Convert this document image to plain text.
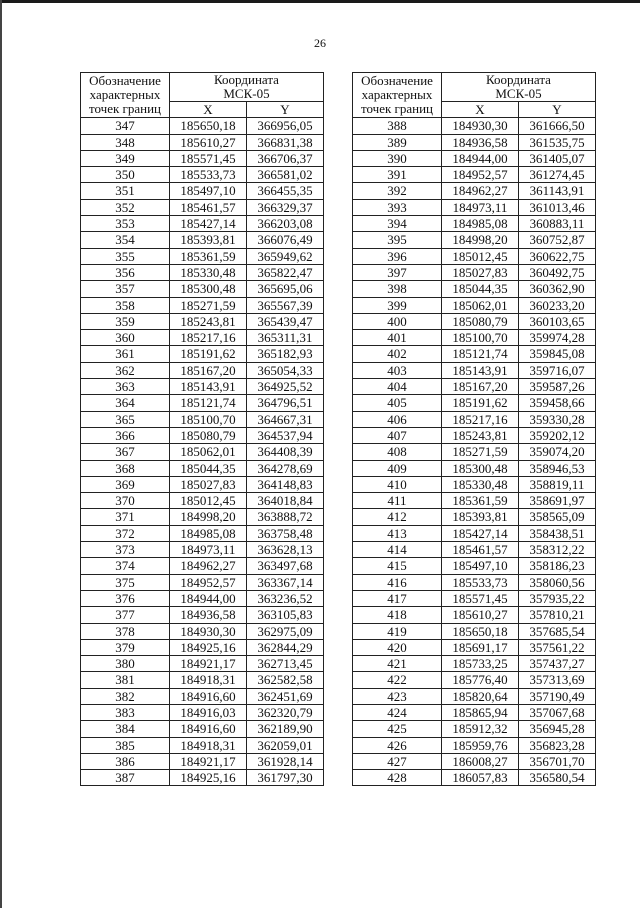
26
Обозначение
характерных
точек границ	Координата
МСК-05	
	X	Y
347	185650,18	366956,05
348	185610,27	366831,38
349	185571,45	366706,37
350	185533,73	366581,02
351	185497,10	366455,35
352	185461,57	366329,37
353	185427,14	366203,08
354	185393,81	366076,49
355	185361,59	365949,62
356	185330,48	365822,47
357	185300,48	365695,06
358	185271,59	365567,39
359	185243,81	365439,47
360	185217,16	365311,31
361	185191,62	365182,93
362	185167,20	365054,33
363	185143,91	364925,52
364	185121,74	364796,51
365	185100,70	364667,31
366	185080,79	364537,94
367	185062,01	364408,39
368	185044,35	364278,69
369	185027,83	364148,83
370	185012,45	364018,84
371	184998,20	363888,72
372	184985,08	363758,48
373	184973,11	363628,13
374	184962,27	363497,68
375	184952,57	363367,14
376	184944,00	363236,52
377	184936,58	363105,83
378	184930,30	362975,09
379	184925,16	362844,29
380	184921,17	362713,45
381	184918,31	362582,58
382	184916,60	362451,69
383	184916,03	362320,79
384	184916,60	362189,90
385	184918,31	362059,01
386	184921,17	361928,14
387	184925,16	361797,30
Обозначение
характерных
точек границ	Координата
МСК-05	
	X	Y
388	184930,30	361666,50
389	184936,58	361535,75
390	184944,00	361405,07
391	184952,57	361274,45
392	184962,27	361143,91
393	184973,11	361013,46
394	184985,08	360883,11
395	184998,20	360752,87
396	185012,45	360622,75
397	185027,83	360492,75
398	185044,35	360362,90
399	185062,01	360233,20
400	185080,79	360103,65
401	185100,70	359974,28
402	185121,74	359845,08
403	185143,91	359716,07
404	185167,20	359587,26
405	185191,62	359458,66
406	185217,16	359330,28
407	185243,81	359202,12
408	185271,59	359074,20
409	185300,48	358946,53
410	185330,48	358819,11
411	185361,59	358691,97
412	185393,81	358565,09
413	185427,14	358438,51
414	185461,57	358312,22
415	185497,10	358186,23
416	185533,73	358060,56
417	185571,45	357935,22
418	185610,27	357810,21
419	185650,18	357685,54
420	185691,17	357561,22
421	185733,25	357437,27
422	185776,40	357313,69
423	185820,64	357190,49
424	185865,94	357067,68
425	185912,32	356945,28
426	185959,76	356823,28
427	186008,27	356701,70
428	186057,83	356580,54
